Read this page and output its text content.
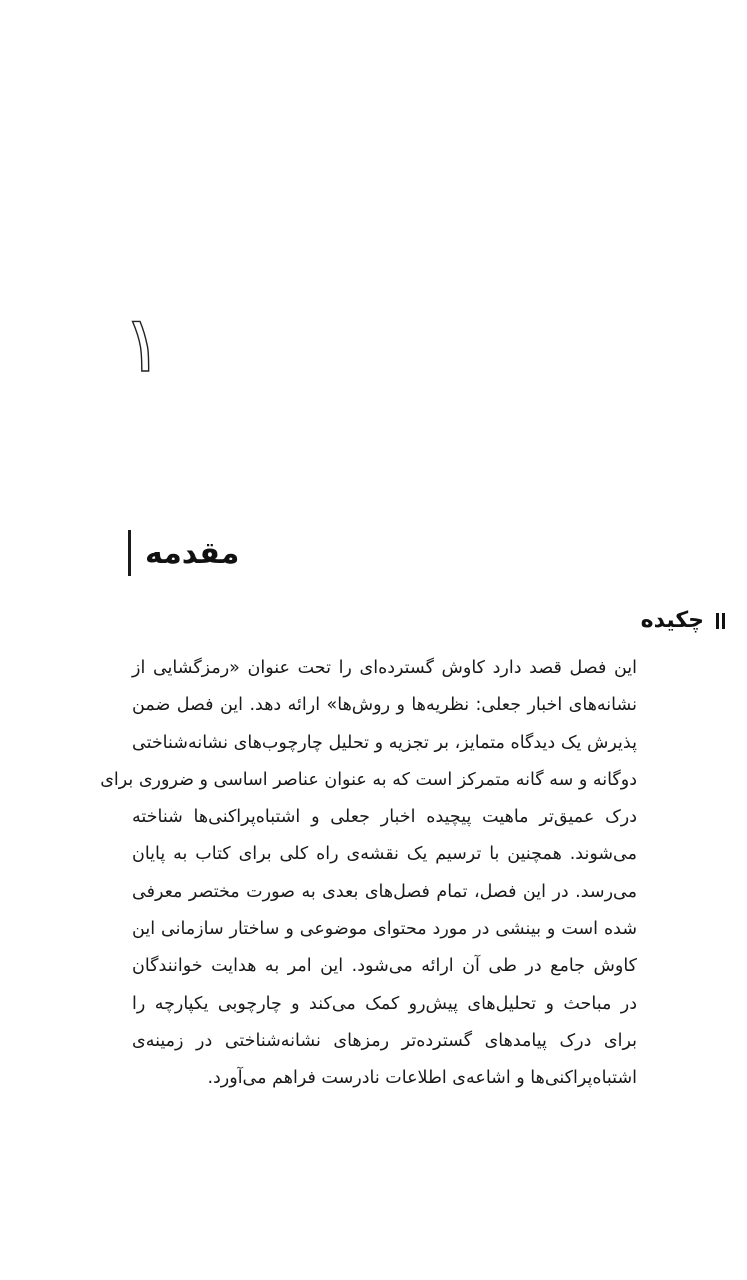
۱
مقدمه
چکیده
این فصل قصد دارد کاوش گسترده‌ای را تحت عنوان «رمزگشایی از
نشانه‌های اخبار جعلی: نظریه‌ها و روش‌ها» ارائه دهد. این فصل ضمن
پذیرش یک دیدگاه متمایز، بر تجزیه و تحلیل چارچوب‌های نشانه‌شناختی
دوگانه و سه گانه متمرکز است که به عنوان عناصر اساسی و ضروری برای
درک عمیق‌تر ماهیت پیچیده اخبار جعلی و اشتباه‌پراکنی‌ها شناخته
می‌شوند. همچنین با ترسیم یک نقشه‌ی راه کلی برای کتاب به پایان
می‌رسد. در این فصل، تمام فصل‌های بعدی به صورت مختصر معرفی
شده است و بینشی در مورد محتوای موضوعی و ساختار سازمانی این
کاوش جامع در طی آن ارائه می‌شود. این امر به هدایت خوانندگان
در مباحث و تحلیل‌های پیش‌رو کمک می‌کند و چارچوبی یکپارچه را
برای درک پیامدهای گسترده‌تر رمزهای نشانه‌شناختی در زمینه‌ی
اشتباه‌پراکنی‌ها و اشاعه‌ی اطلاعات نادرست فراهم می‌آورد.
